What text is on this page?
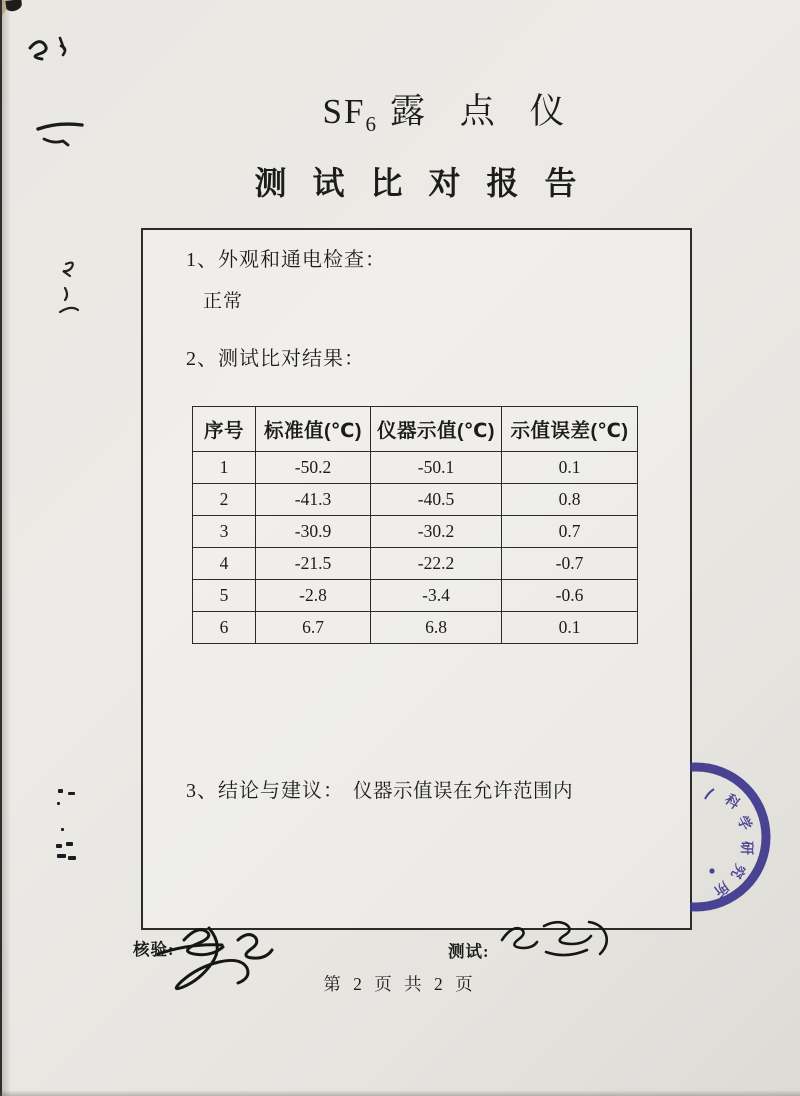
$SF_6$ 露 点 仪
测 试 比 对 报 告
1、外观和通电检查：
正常
2、测试比对结果：
序号	标准值(℃)	仪器示值(℃)	示值误差(℃)
1	-50.2	-50.1	0.1
2	-41.3	-40.5	0.8
3	-30.9	-30.2	0.7
4	-21.5	-22.2	-0.7
5	-2.8	-3.4	-0.6
6	6.7	6.8	0.1
3、结论与建议： 仪器示值误在允许范围内
核验:	测试:
第 2 页 共 2 页
科
学
研
究
所
